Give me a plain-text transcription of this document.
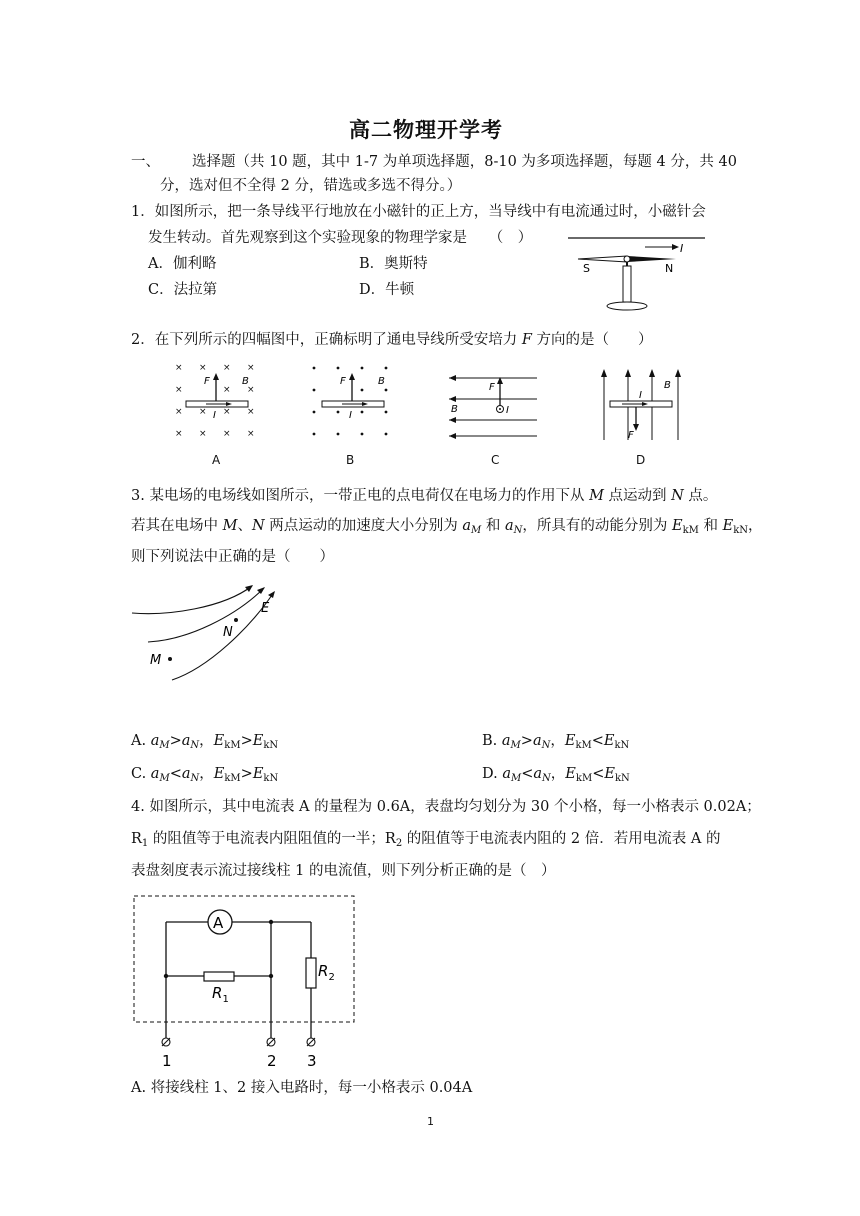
高二物理开学考
一、 选择题（共 10 题，其中 1-7 为单项选择题，8-10 为多项选择题，每题 4 分，共 40
分，选对但不全得 2 分，错选或多选不得分。）
1．如图所示，把一条导线平行地放在小磁针的正上方，当导线中有电流通过时，小磁针会
发生转动。首先观察到这个实验现象的物理学家是　　（　）
A．伽利略	B．奥斯特
C．法拉第	D．牛顿
I
S	N
2．在下列所示的四幅图中，正确标明了通电导线所受安培力 F 方向的是（　　）
× × × ×
×	× ×
× × × ×
× × × ×
F	B
I
A
F	B
I
B
F
B	I
C
F
B
I
D
3. 某电场的电场线如图所示，一带正电的点电荷仅在电场力的作用下从 M 点运动到 N 点。
若其在电场中 M、N 两点运动的加速度大小分别为 $a_M$ 和 $a_N$，所具有的动能分别为 $E_{kM}$ 和 $E_{kN}$，
则下列说法中正确的是（　　）
E
N
M
A. $a_M>a_N$，$E_{kM}>E_{kN}$	B. $a_M>a_N$，$E_{kM}<E_{kN}$
C. $a_M<a_N$，$E_{kM}>E_{kN}$	D. $a_M<a_N$，$E_{kM}<E_{kN}$
4. 如图所示，其中电流表 A 的量程为 0.6A，表盘均匀划分为 30 个小格，每一小格表示 0.02A；
$R_1$ 的阻值等于电流表内阻阻值的一半；$R_2$ 的阻值等于电流表内阻的 2 倍．若用电流表 A 的
表盘刻度表示流过接线柱 1 的电流值，则下列分析正确的是（　）
A
$R_1$
$R_2$
1	2 3
A. 将接线柱 1、2 接入电路时，每一小格表示 0.04A
1
